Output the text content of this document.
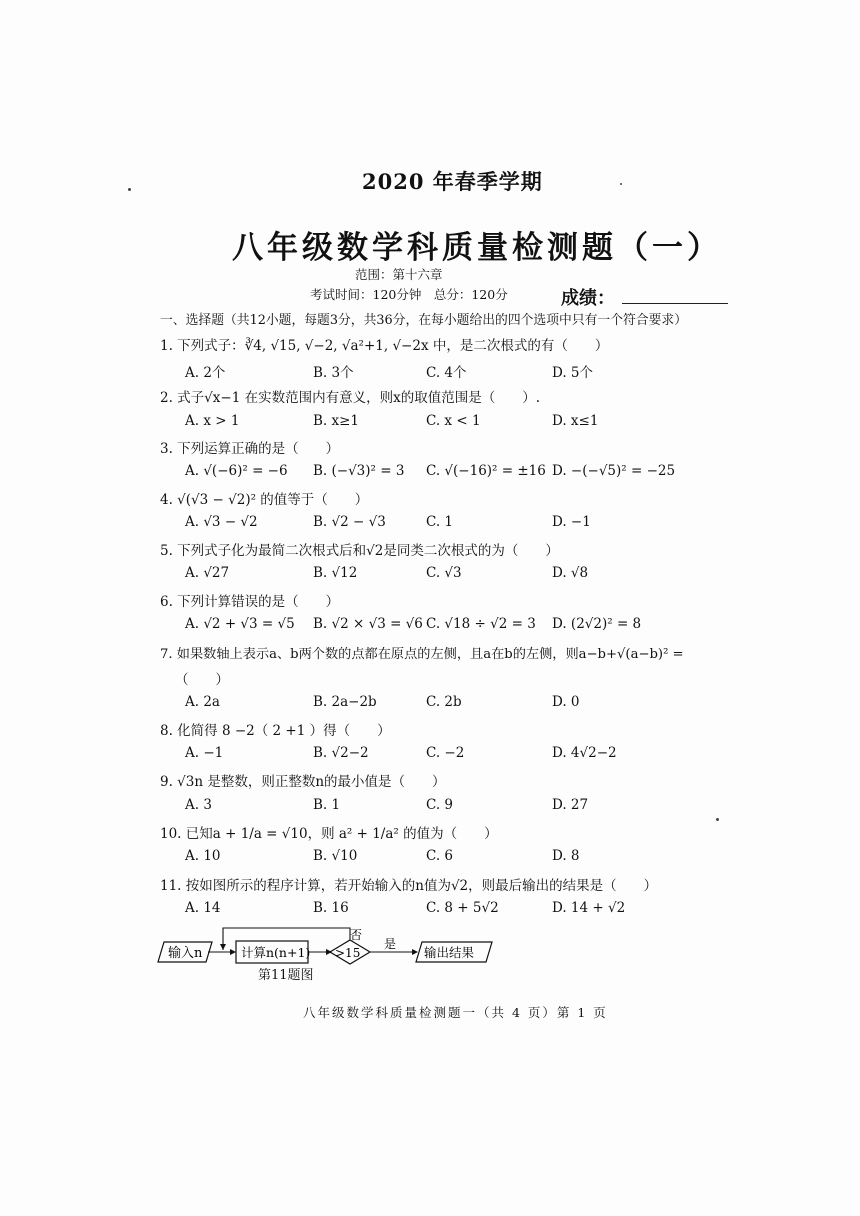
2020 年春季学期
八年级数学科质量检测题（一）
范围：第十六章
考试时间：120分钟　总分：120分	成绩：
一、选择题（共12小题，每题3分，共36分，在每小题给出的四个选项中只有一个符合要求）
1. 下列式子：∛4, √15, √−2, √a²+1, √−2x 中，是二次根式的有（　　）
A. 2个	B. 3个	C. 4个	D. 5个
2. 式子√x−1 在实数范围内有意义，则x的取值范围是（　　）.
A. x > 1	B. x≥1	C. x < 1	D. x≤1
3. 下列运算正确的是（　　）
A. √(−6)² = −6 B. (−√3)² = 3 C. √(−16)² = ±16 D. −(−√5)² = −25
4. √(√3 − √2)² 的值等于（　　）
A. √3 − √2	B. √2 − √3	C. 1	D. −1
5. 下列式子化为最简二次根式后和√2是同类二次根式的为（　　）
A. √27	B. √12	C. √3	D. √8
6. 下列计算错误的是（　　）
A. √2 + √3 = √5 B. √2 × √3 = √6 C. √18 ÷ √2 = 3 D. (2√2)² = 8
7. 如果数轴上表示a、b两个数的点都在原点的左侧，且a在b的左侧，则a−b+√(a−b)² =
（　　）
A. 2a	B. 2a−2b	C. 2b	D. 0
8. 化简得 8 −2（ 2 +1 ）得（　　）
A. −1	B. √2−2	C. −2	D. 4√2−2
9. √3n 是整数，则正整数n的最小值是（　　）
A. 3	B. 1	C. 9	D. 27
10. 已知a + 1/a = √10，则 a² + 1/a² 的值为（　　）
A. 10	B. √10	C. 6	D. 8
11. 按如图所示的程序计算，若开始输入的n值为√2，则最后输出的结果是（　　）
A. 14	B. 16	C. 8 + 5√2	D. 14 + √2
输入n	计算n(n+1) >15
否
是
输出结果
第11题图
八年级数学科质量检测题一（共 4 页）第 1 页
